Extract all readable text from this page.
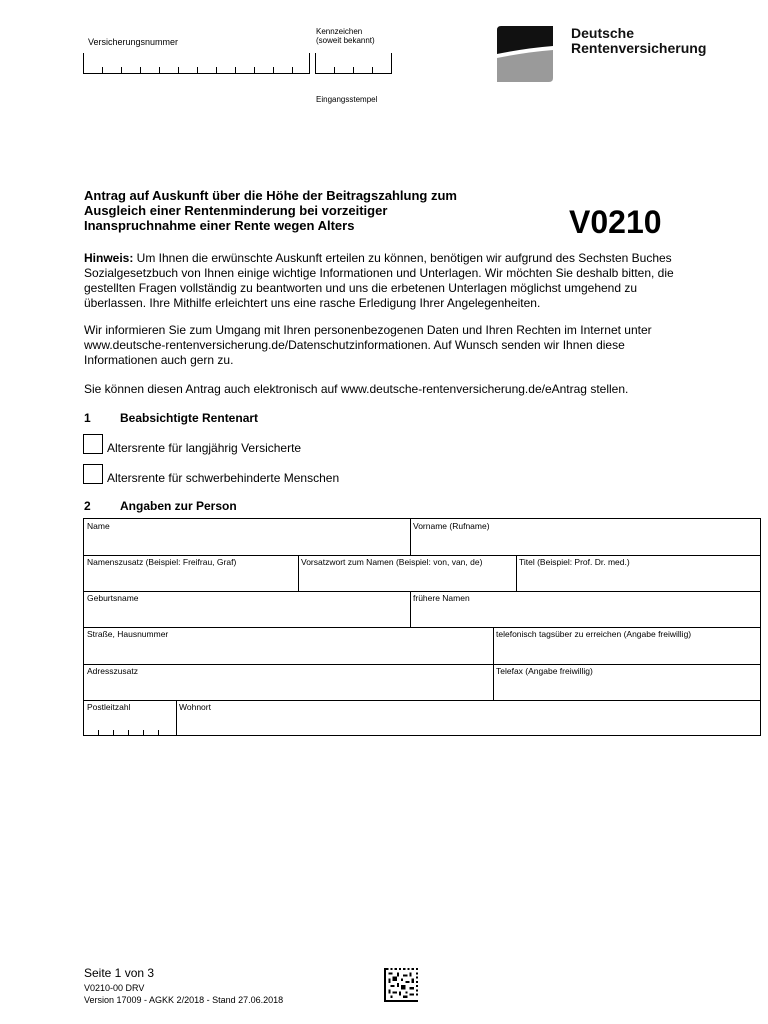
Versicherungsnummer
Kennzeichen
(soweit bekannt)
Eingangsstempel
Deutsche
Rentenversicherung
Antrag auf Auskunft über die Höhe der Beitragszahlung zum
Ausgleich einer Rentenminderung bei vorzeitiger
Inanspruchnahme einer Rente wegen Alters	V0210
Hinweis: Um Ihnen die erwünschte Auskunft erteilen zu können, benötigen wir aufgrund des Sechsten Buches
Sozialgesetzbuch von Ihnen einige wichtige Informationen und Unterlagen. Wir möchten Sie deshalb bitten, die
gestellten Fragen vollständig zu beantworten und uns die erbetenen Unterlagen möglichst umgehend zu
überlassen. Ihre Mithilfe erleichtert uns eine rasche Erledigung Ihrer Angelegenheiten.
Wir informieren Sie zum Umgang mit Ihren personenbezogenen Daten und Ihren Rechten im Internet unter
www.deutsche-rentenversicherung.de/Datenschutzinformationen. Auf Wunsch senden wir Ihnen diese
Informationen auch gern zu.
Sie können diesen Antrag auch elektronisch auf www.deutsche-rentenversicherung.de/eAntrag stellen.
1 Beabsichtigte Rentenart
Altersrente für langjährig Versicherte
Altersrente für schwerbehinderte Menschen
2 Angaben zur Person
Name	Vorname (Rufname)
Namenszusatz (Beispiel: Freifrau, Graf)	Vorsatzwort zum Namen (Beispiel: von, van, de)	Titel (Beispiel: Prof. Dr. med.)
Geburtsname	frühere Namen
Straße, Hausnummer	telefonisch tagsüber zu erreichen (Angabe freiwillig)
Adresszusatz	Telefax (Angabe freiwillig)
Postleitzahl	Wohnort
Seite 1 von 3
V0210-00 DRV
Version 17009 - AGKK 2/2018 - Stand 27.06.2018
